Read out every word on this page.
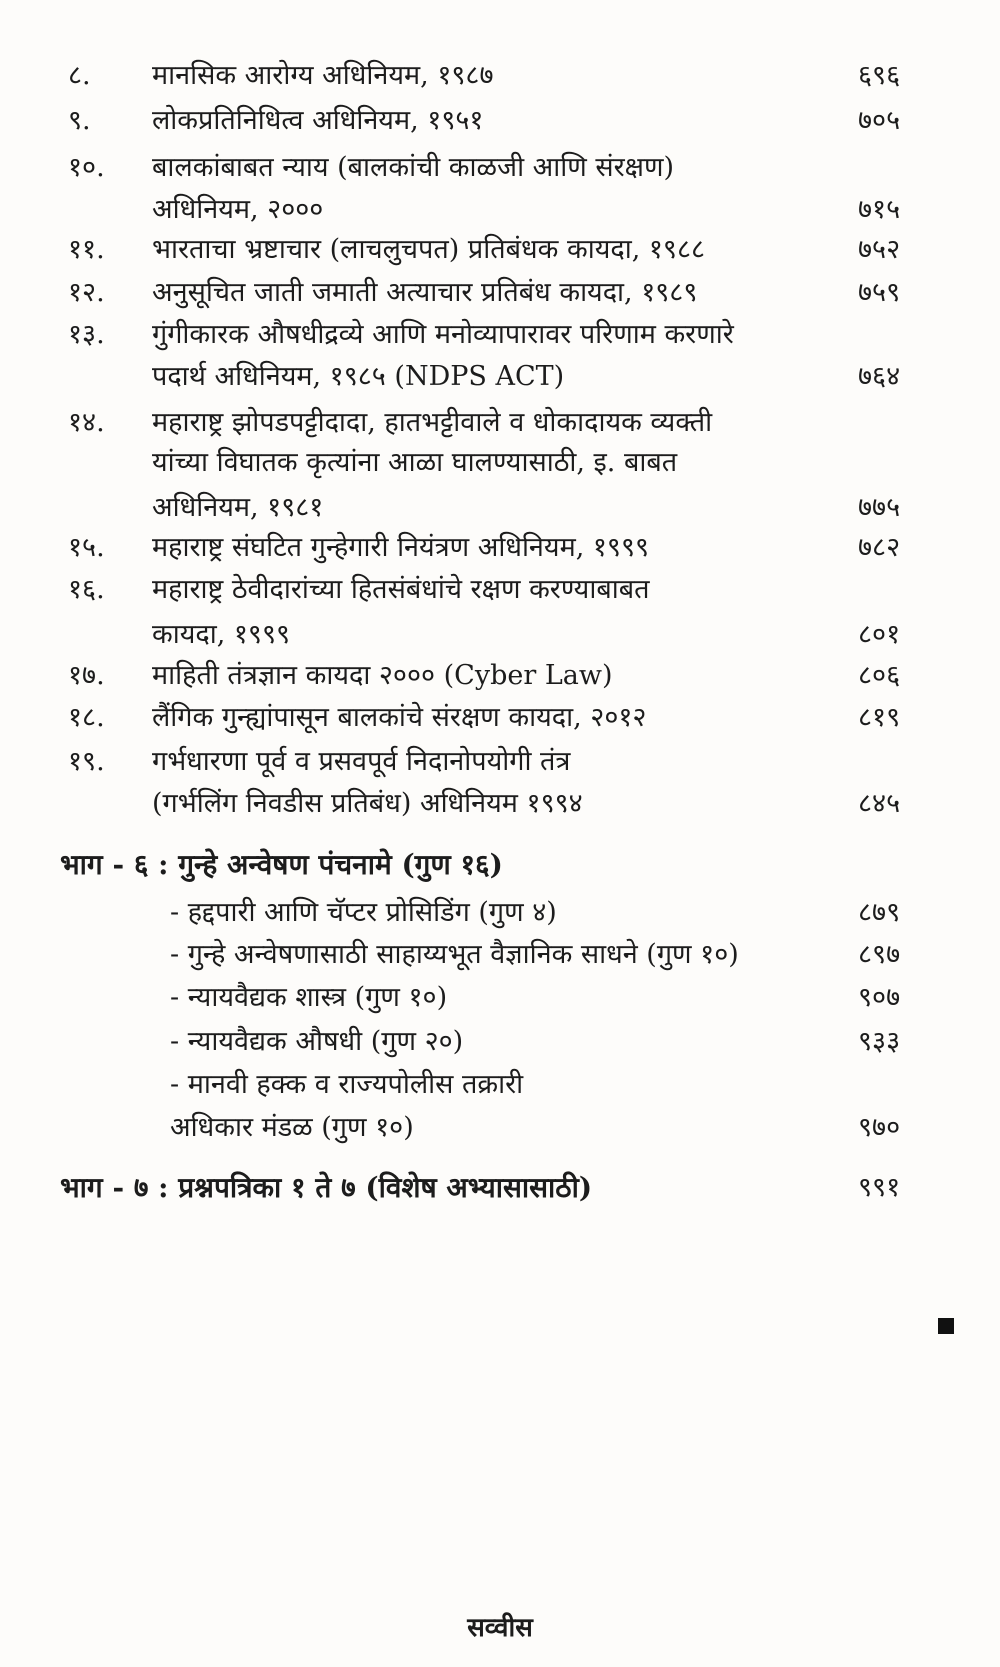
८.	मानसिक आरोग्य अधिनियम, १९८७	६९६
९.	लोकप्रतिनिधित्व अधिनियम, १९५१	७०५
१०.	बालकांबाबत न्याय (बालकांची काळजी आणि संरक्षण)
अधिनियम, २०००	७१५
११.	भारताचा भ्रष्टाचार (लाचलुचपत) प्रतिबंधक कायदा, १९८८	७५२
१२.	अनुसूचित जाती जमाती अत्याचार प्रतिबंध कायदा, १९८९	७५९
१३.	गुंगीकारक औषधीद्रव्ये आणि मनोव्यापारावर परिणाम करणारे
पदार्थ अधिनियम, १९८५ (NDPS ACT)	७६४
१४.	महाराष्ट्र झोपडपट्टीदादा, हातभट्टीवाले व धोकादायक व्यक्ती
यांच्या विघातक कृत्यांना आळा घालण्यासाठी, इ. बाबत
अधिनियम, १९८१	७७५
१५.	महाराष्ट्र संघटित गुन्हेगारी नियंत्रण अधिनियम, १९९९	७८२
१६.	महाराष्ट्र ठेवीदारांच्या हितसंबंधांचे रक्षण करण्याबाबत
कायदा, १९९९	८०१
१७.	माहिती तंत्रज्ञान कायदा २००० (Cyber Law)	८०६
१८.	लैंगिक गुन्ह्यांपासून बालकांचे संरक्षण कायदा, २०१२	८१९
१९.	गर्भधारणा पूर्व व प्रसवपूर्व निदानोपयोगी तंत्र
(गर्भलिंग निवडीस प्रतिबंध) अधिनियम १९९४	८४५
भाग - ६ : गुन्हे अन्वेषण पंचनामे (गुण १६)
- हद्दपारी आणि चॅप्टर प्रोसिडिंग (गुण ४)	८७९
- गुन्हे अन्वेषणासाठी साहाय्यभूत वैज्ञानिक साधने (गुण १०)	८९७
- न्यायवैद्यक शास्त्र (गुण १०)	९०७
- न्यायवैद्यक औषधी (गुण २०)	९३३
- मानवी हक्क व राज्यपोलीस तक्रारी
अधिकार मंडळ (गुण १०)	९७०
भाग - ७ : प्रश्नपत्रिका १ ते ७ (विशेष अभ्यासासाठी)	९९१
सव्वीस
